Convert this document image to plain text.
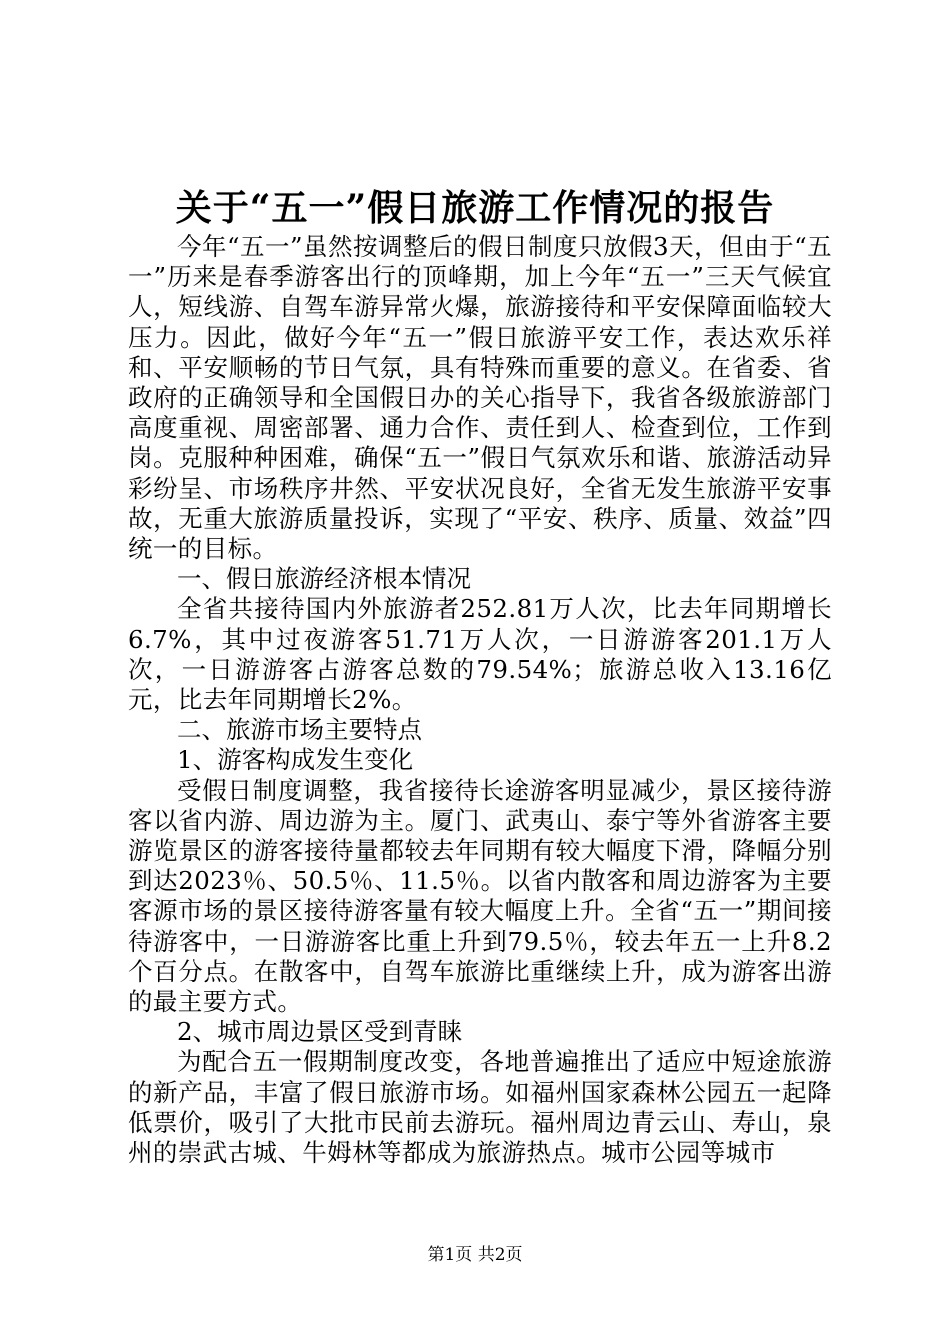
关于“五一”假日旅游工作情况的报告

今年“五一”虽然按调整后的假日制度只放假3天，但由于“五一”历来是春季游客出行的顶峰期，加上今年“五一”三天气候宜人，短线游、自驾车游异常火爆，旅游接待和平安保障面临较大压力。因此，做好今年“五一”假日旅游平安工作，表达欢乐祥和、平安顺畅的节日气氛，具有特殊而重要的意义。在省委、省政府的正确领导和全国假日办的关心指导下，我省各级旅游部门高度重视、周密部署、通力合作、责任到人、检查到位，工作到岗。克服种种困难，确保“五一”假日气氛欢乐和谐、旅游活动异彩纷呈、市场秩序井然、平安状况良好，全省无发生旅游平安事故，无重大旅游质量投诉，实现了“平安、秩序、质量、效益”四统一的目标。

一、假日旅游经济根本情况

全省共接待国内外旅游者252.81万人次，比去年同期增长6.7%，其中过夜游客51.71万人次，一日游游客201.1万人次，一日游游客占游客总数的79.54%；旅游总收入13.16亿元，比去年同期增长2%。

二、旅游市场主要特点

1、游客构成发生变化

受假日制度调整，我省接待长途游客明显减少，景区接待游客以省内游、周边游为主。厦门、武夷山、泰宁等外省游客主要游览景区的游客接待量都较去年同期有较大幅度下滑，降幅分别到达2023％、50.5％、11.5％。以省内散客和周边游客为主要客源市场的景区接待游客量有较大幅度上升。全省“五一”期间接待游客中，一日游游客比重上升到79.5％，较去年五一上升8.2个百分点。在散客中，自驾车旅游比重继续上升，成为游客出游的最主要方式。

2、城市周边景区受到青睐

为配合五一假期制度改变，各地普遍推出了适应中短途旅游的新产品，丰富了假日旅游市场。如福州国家森林公园五一起降低票价，吸引了大批市民前去游玩。福州周边青云山、寿山，泉州的崇武古城、牛姆林等都成为旅游热点。城市公园等城市

第1页 共2页
